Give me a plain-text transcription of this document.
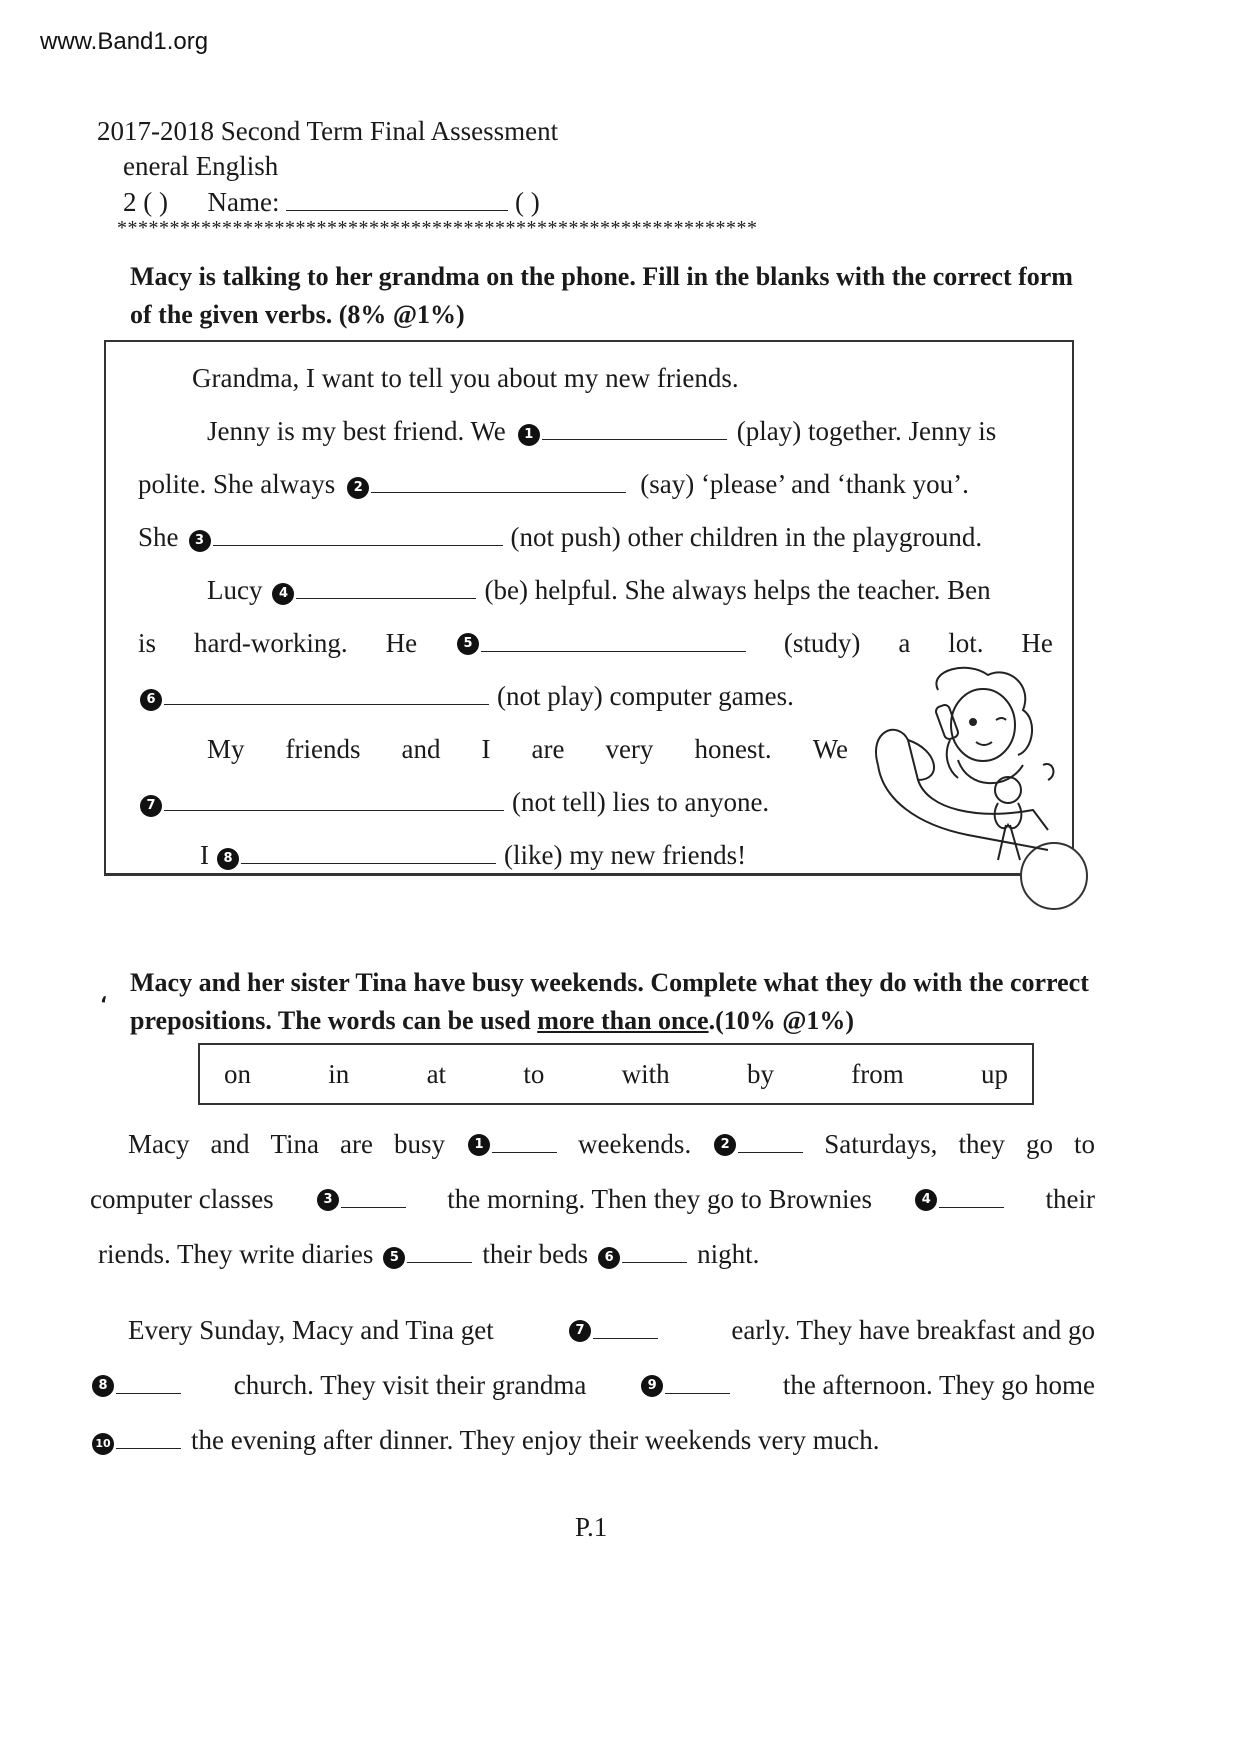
www.Band1.org
2017-2018 Second Term Final Assessment
eneral English
2 ( ) Name:	( )
*************************************************************
Macy is talking to her grandma on the phone. Fill in the blanks with the correct form of the given verbs. (8% @1%)
Grandma, I want to tell you about my new friends.
Jenny is my best friend. We	1	(play) together. Jenny is
polite. She always	2	(say) ‘please’ and ‘thank you’.
She	3	(not push) other children in the playground.
Lucy	4	(be) helpful. She always helps the teacher. Ben
is hard-working. He	5	(study) a lot. He
6	(not play) computer games.
My friends and I are very honest. We
7	(not tell) lies to anyone.
I	8	(like) my new friends!
، Macy and her sister Tina have busy weekends. Complete what they do with the correct prepositions. The words can be used more than once.(10% @1%)
on	in	at	to	with	by	from	up
Macy and Tina are busy	1	weekends.	2	Saturdays, they go to
computer classes	3	the morning. Then they go to Brownies	4	their
riends. They write diaries	5	their beds	6	night.
Every Sunday, Macy and Tina get	7	early. They have breakfast and go
8	church. They visit their grandma	9	the afternoon. They go home
10	the evening after dinner. They enjoy their weekends very much.
P.1
